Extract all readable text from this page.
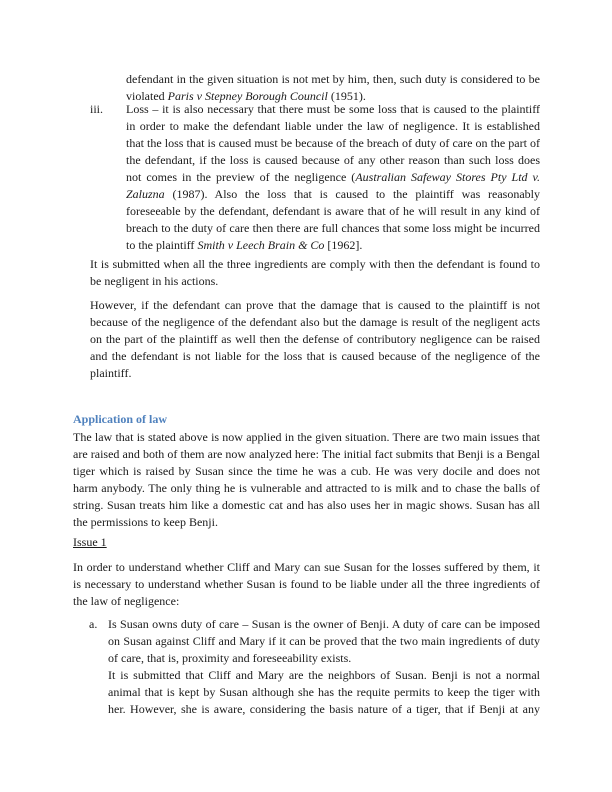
defendant in the given situation is not met by him, then, such duty is considered to be violated Paris v Stepney Borough Council (1951).

iii. Loss – it is also necessary that there must be some loss that is caused to the plaintiff in order to make the defendant liable under the law of negligence. It is established that the loss that is caused must be because of the breach of duty of care on the part of the defendant, if the loss is caused because of any other reason than such loss does not comes in the preview of the negligence (Australian Safeway Stores Pty Ltd v. Zaluzna (1987). Also the loss that is caused to the plaintiff was reasonably foreseeable by the defendant, defendant is aware that of he will result in any kind of breach to the duty of care then there are full chances that some loss might be incurred to the plaintiff Smith v Leech Brain & Co [1962].

It is submitted when all the three ingredients are comply with then the defendant is found to be negligent in his actions.

However, if the defendant can prove that the damage that is caused to the plaintiff is not because of the negligence of the defendant also but the damage is result of the negligent acts on the part of the plaintiff as well then the defense of contributory negligence can be raised and the defendant is not liable for the loss that is caused because of the negligence of the plaintiff.

Application of law

The law that is stated above is now applied in the given situation. There are two main issues that are raised and both of them are now analyzed here: The initial fact submits that Benji is a Bengal tiger which is raised by Susan since the time he was a cub. He was very docile and does not harm anybody. The only thing he is vulnerable and attracted to is milk and to chase the balls of string. Susan treats him like a domestic cat and has also uses her in magic shows. Susan has all the permissions to keep Benji.

Issue 1

In order to understand whether Cliff and Mary can sue Susan for the losses suffered by them, it is necessary to understand whether Susan is found to be liable under all the three ingredients of the law of negligence:

a. Is Susan owns duty of care – Susan is the owner of Benji. A duty of care can be imposed on Susan against Cliff and Mary if it can be proved that the two main ingredients of duty of care, that is, proximity and foreseeability exists.

It is submitted that Cliff and Mary are the neighbors of Susan. Benji is not a normal animal that is kept by Susan although she has the requite permits to keep the tiger with her. However, she is aware, considering the basis nature of a tiger, that if Benji at any
